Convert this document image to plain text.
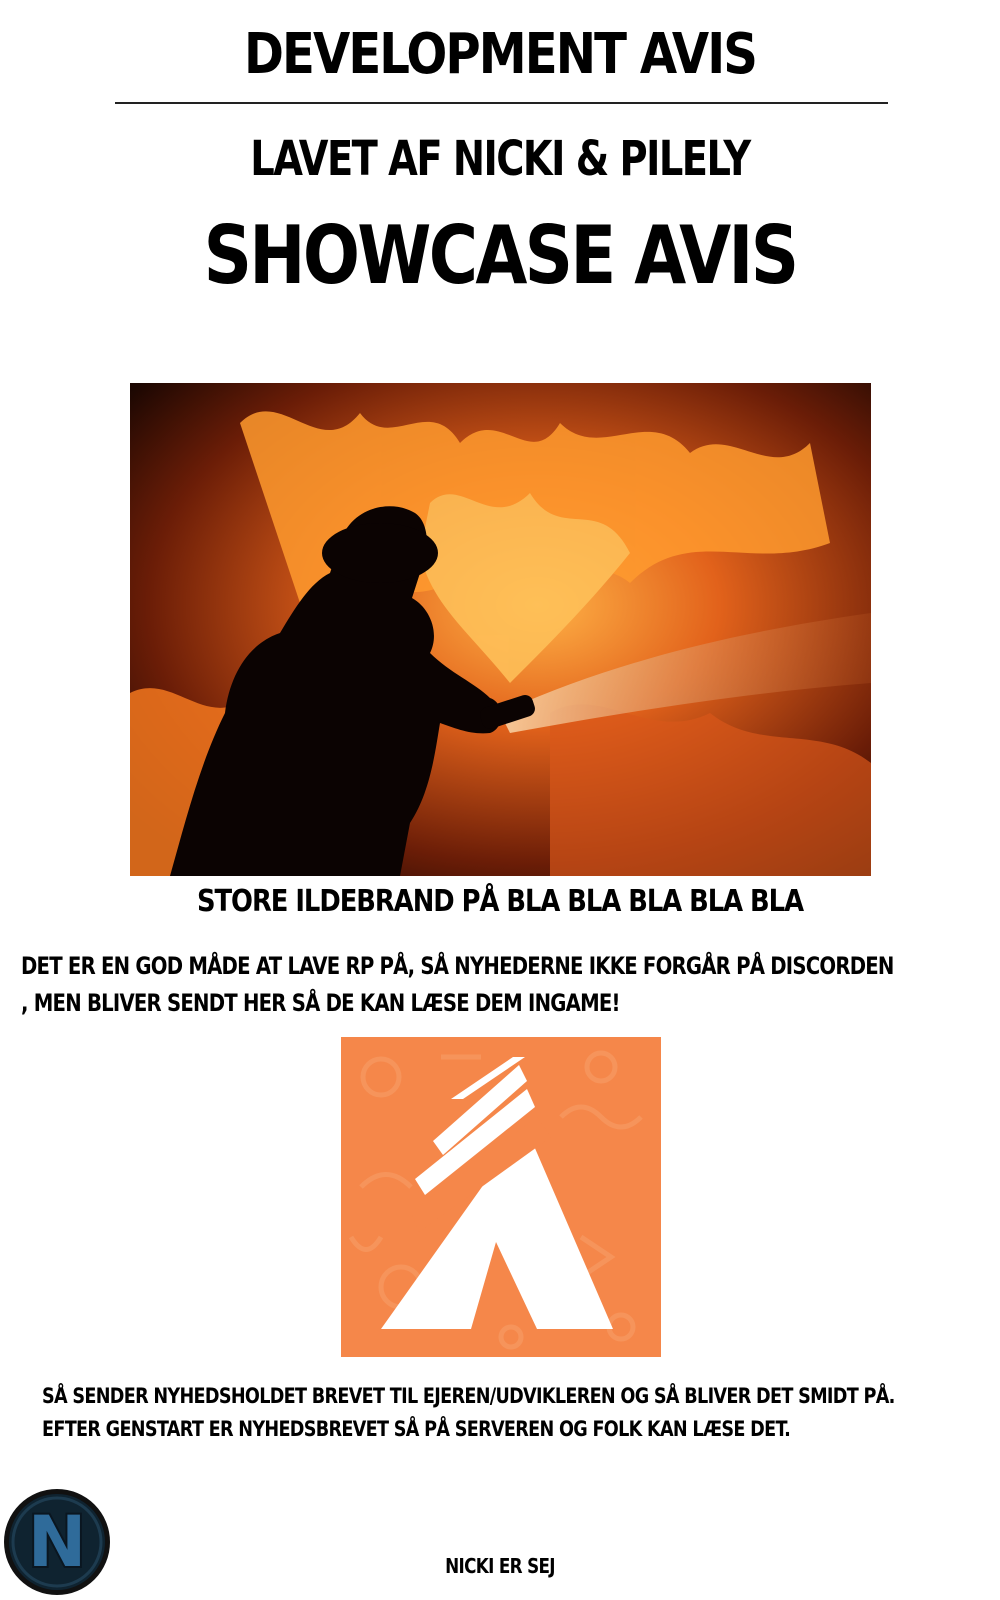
DEVELOPMENT AVIS
LAVET AF NICKI & PILELY
SHOWCASE AVIS
STORE ILDEBRAND PÅ BLA BLA BLA BLA BLA
DET ER EN GOD MÅDE AT LAVE RP PÅ, SÅ NYHEDERNE IKKE FORGÅR PÅ DISCORDEN
, MEN BLIVER SENDT HER SÅ DE KAN LÆSE DEM INGAME!
SÅ SENDER NYHEDSHOLDET BREVET TIL EJEREN/UDVIKLEREN OG SÅ BLIVER DET SMIDT PÅ.
EFTER GENSTART ER NYHEDSBREVET SÅ PÅ SERVEREN OG FOLK KAN LÆSE DET.
N	NICKI ER SEJ
